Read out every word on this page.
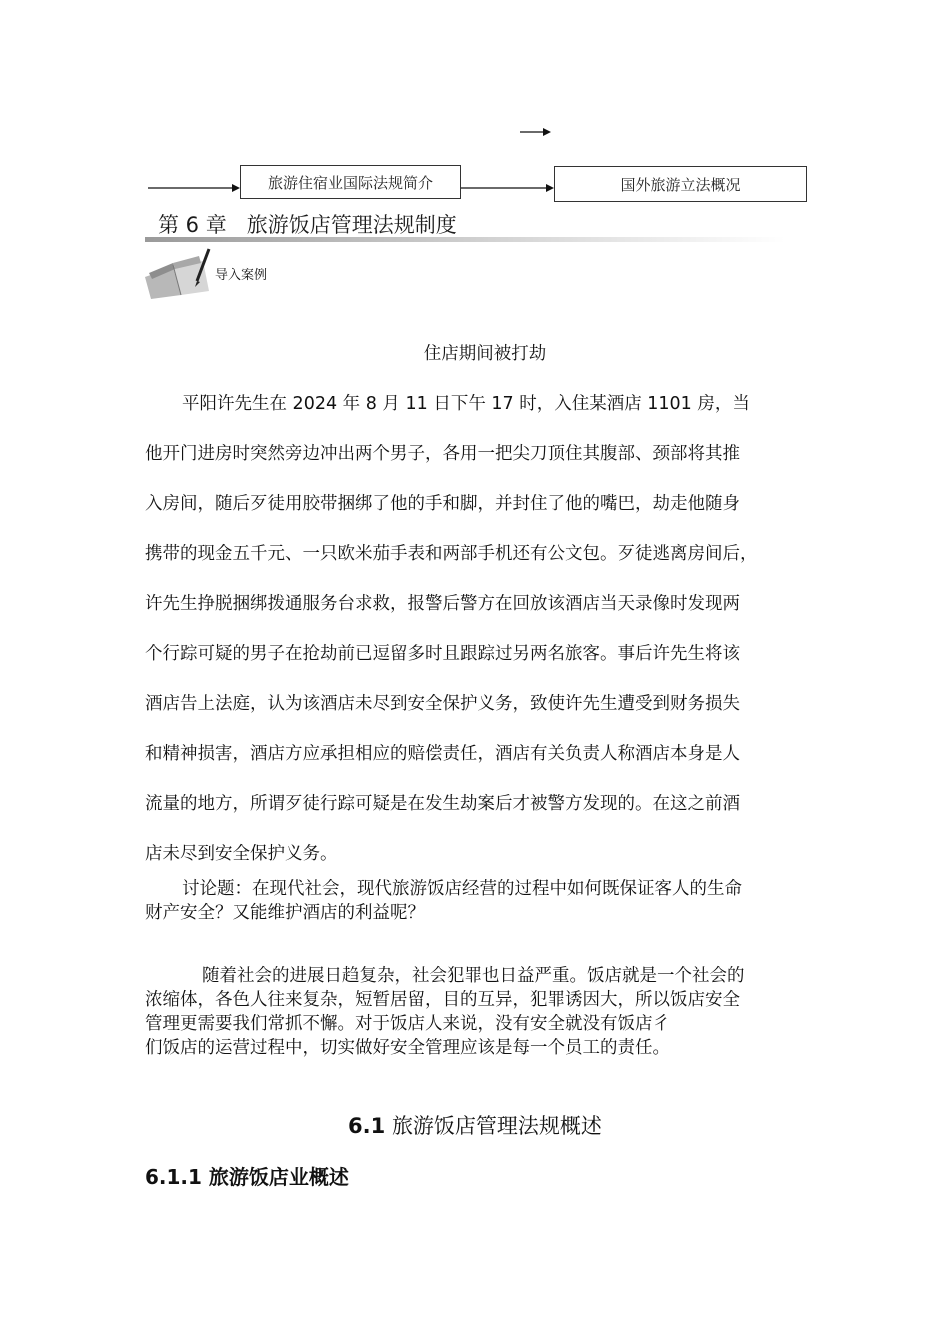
旅游住宿业国际法规简介	国外旅游立法概况
第 6 章   旅游饭店管理法规制度
导入案例
住店期间被打劫
平阳许先生在 2024 年 8 月 11 日下午 17 时，入住某酒店 1101 房，当
他开门进房时突然旁边冲出两个男子，各用一把尖刀顶住其腹部、颈部将其推
入房间，随后歹徒用胶带捆绑了他的手和脚，并封住了他的嘴巴，劫走他随身
携带的现金五千元、一只欧米茄手表和两部手机还有公文包。歹徒逃离房间后，
许先生挣脱捆绑拨通服务台求救，报警后警方在回放该酒店当天录像时发现两
个行踪可疑的男子在抢劫前已逗留多时且跟踪过另两名旅客。事后许先生将该
酒店告上法庭，认为该酒店未尽到安全保护义务，致使许先生遭受到财务损失
和精神损害，酒店方应承担相应的赔偿责任，酒店有关负责人称酒店本身是人
流量的地方，所谓歹徒行踪可疑是在发生劫案后才被警方发现的。在这之前酒
店未尽到安全保护义务。
讨论题：在现代社会，现代旅游饭店经营的过程中如何既保证客人的生命
财产安全？又能维护酒店的利益呢？
随着社会的进展日趋复杂，社会犯罪也日益严重。饭店就是一个社会的
浓缩体，各色人往来复杂，短暂居留，目的互异，犯罪诱因大，所以饭店安全
管理更需要我们常抓不懈。对于饭店人来说，没有安全就没有饭店彳
们饭店的运营过程中，切实做好安全管理应该是每一个员工的责任。
6.1 旅游饭店管理法规概述
6.1.1 旅游饭店业概述
